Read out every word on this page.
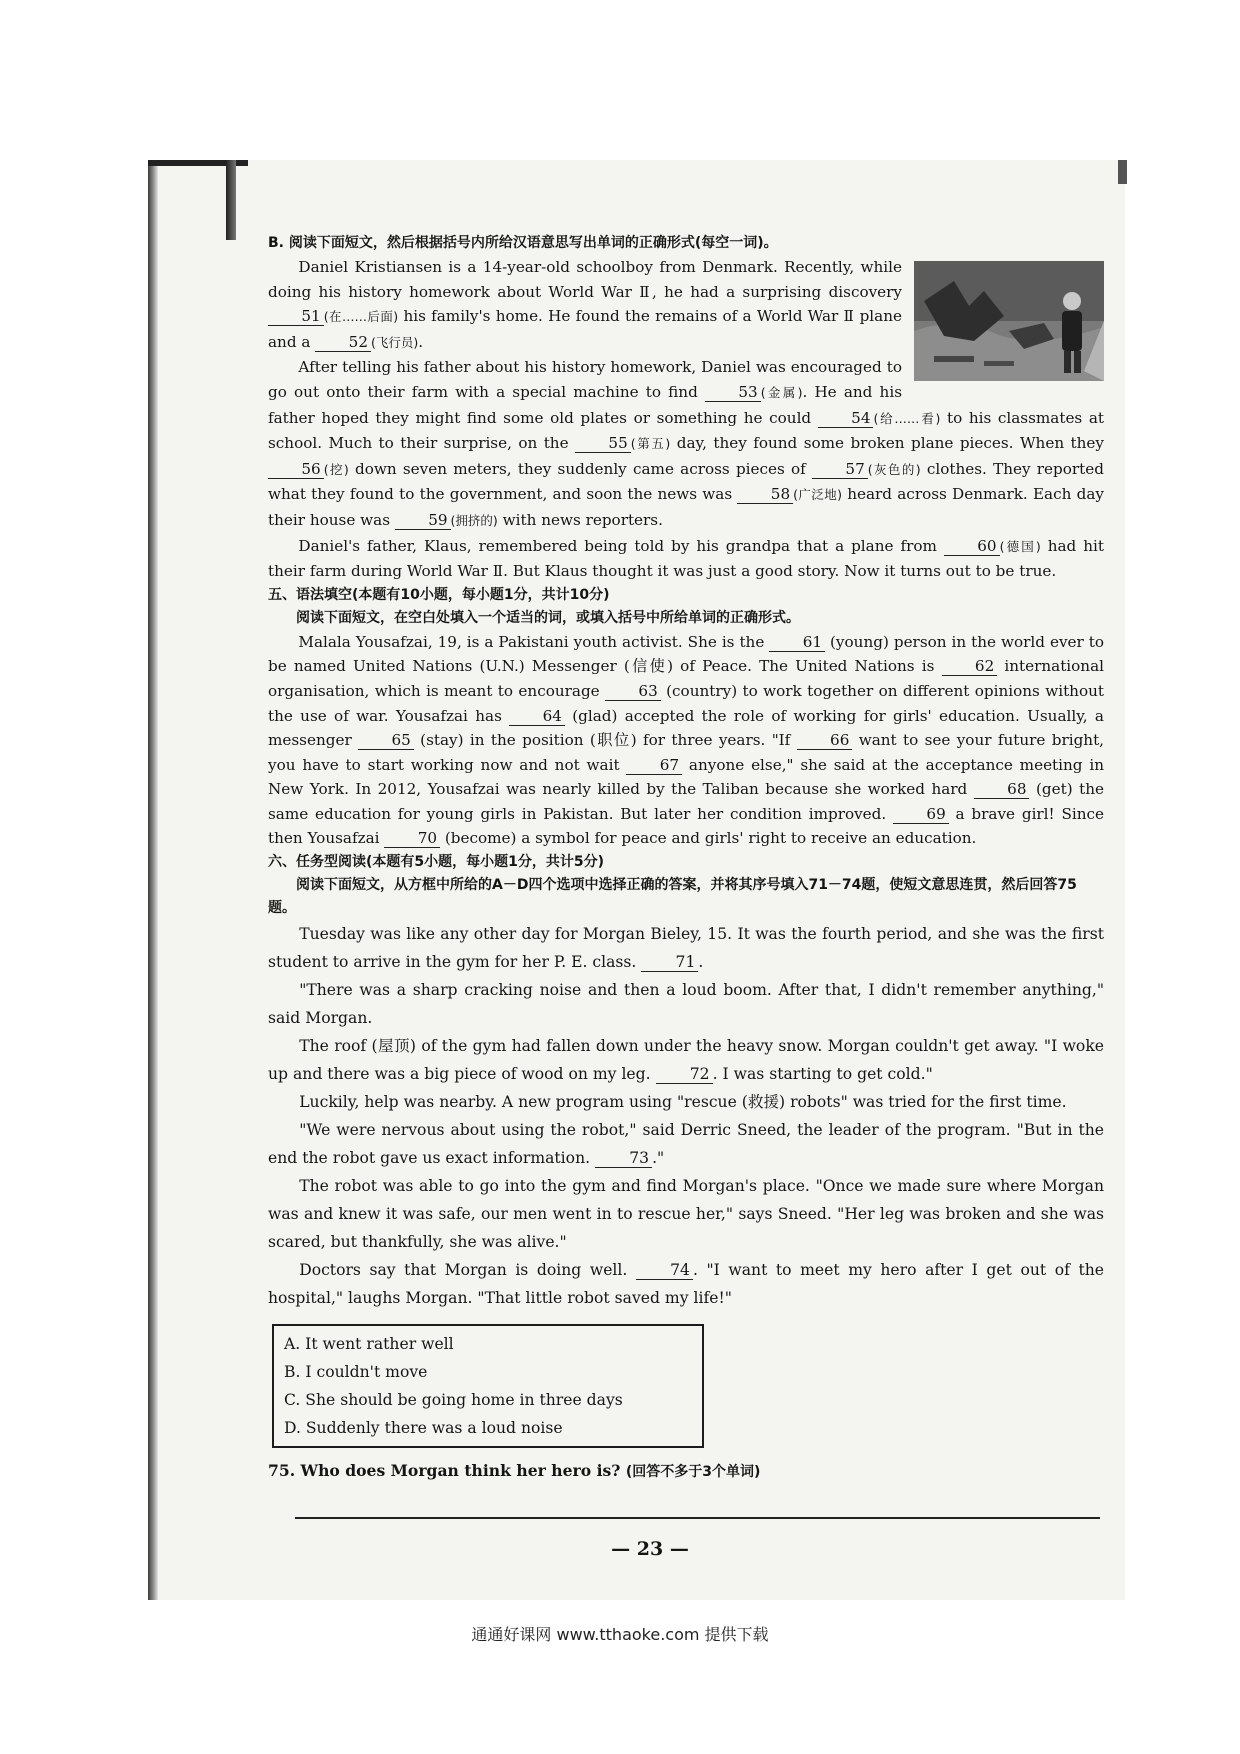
B. 阅读下面短文，然后根据括号内所给汉语意思写出单词的正确形式(每空一词)。

Daniel Kristiansen is a 14-year-old schoolboy from Denmark. Recently, while doing his history homework about World War Ⅱ, he had a surprising discovery 51 (在……后面) his family's home. He found the remains of a World War Ⅱ plane and a 52 (飞行员).

After telling his father about his history homework, Daniel was encouraged to go out onto their farm with a special machine to find 53 (金属). He and his father hoped they might find some old plates or something he could 54 (给……看) to his classmates at school. Much to their surprise, on the 55 (第五) day, they found some broken plane pieces. When they 56 (挖) down seven meters, they suddenly came across pieces of 57 (灰色的) clothes. They reported what they found to the government, and soon the news was 58 (广泛地) heard across Denmark. Each day their house was 59 (拥挤的) with news reporters.

Daniel's father, Klaus, remembered being told by his grandpa that a plane from 60 (德国) had hit their farm during World War Ⅱ. But Klaus thought it was just a good story. Now it turns out to be true.

五、语法填空(本题有10小题，每小题1分，共计10分)

阅读下面短文，在空白处填入一个适当的词，或填入括号中所给单词的正确形式。

Malala Yousafzai, 19, is a Pakistani youth activist. She is the 61 (young) person in the world ever to be named United Nations (U.N.) Messenger (信使) of Peace. The United Nations is 62 international organisation, which is meant to encourage 63 (country) to work together on different opinions without the use of war. Yousafzai has 64 (glad) accepted the role of working for girls' education. Usually, a messenger 65 (stay) in the position (职位) for three years. "If 66 want to see your future bright, you have to start working now and not wait 67 anyone else," she said at the acceptance meeting in New York. In 2012, Yousafzai was nearly killed by the Taliban because she worked hard 68 (get) the same education for young girls in Pakistan. But later her condition improved. 69 a brave girl! Since then Yousafzai 70 (become) a symbol for peace and girls' right to receive an education.

六、任务型阅读(本题有5小题，每小题1分，共计5分)

阅读下面短文，从方框中所给的A－D四个选项中选择正确的答案，并将其序号填入71－74题，使短文意思连贯，然后回答75题。

Tuesday was like any other day for Morgan Bieley, 15. It was the fourth period, and she was the first student to arrive in the gym for her P. E. class. 71 .

"There was a sharp cracking noise and then a loud boom. After that, I didn't remember anything," said Morgan.

The roof (屋顶) of the gym had fallen down under the heavy snow. Morgan couldn't get away. "I woke up and there was a big piece of wood on my leg. 72 . I was starting to get cold."

Luckily, help was nearby. A new program using "rescue (救援) robots" was tried for the first time.

"We were nervous about using the robot," said Derric Sneed, the leader of the program. "But in the end the robot gave us exact information. 73 ."

The robot was able to go into the gym and find Morgan's place. "Once we made sure where Morgan was and knew it was safe, our men went in to rescue her," says Sneed. "Her leg was broken and she was scared, but thankfully, she was alive."

Doctors say that Morgan is doing well. 74 . "I want to meet my hero after I get out of the hospital," laughs Morgan. "That little robot saved my life!"

A. It went rather well
B. I couldn't move
C. She should be going home in three days
D. Suddenly there was a loud noise

75. Who does Morgan think her hero is? (回答不多于3个单词)

— 23 —
通通好课网 www.tthaoke.com 提供下载
